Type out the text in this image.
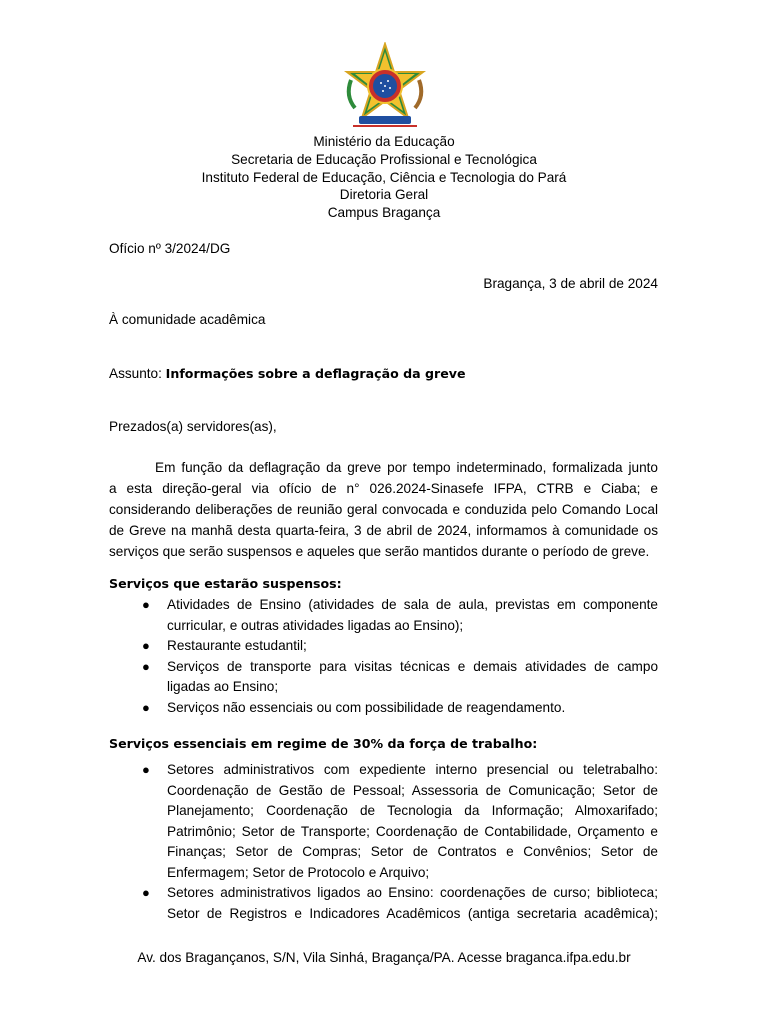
Ministério da Educação
Secretaria de Educação Profissional e Tecnológica
Instituto Federal de Educação, Ciência e Tecnologia do Pará
Diretoria Geral
Campus Bragança
Ofício nº 3/2024/DG
Bragança, 3 de abril de 2024
À comunidade acadêmica
Assunto: Informações sobre a deflagração da greve
Prezados(a) servidores(as),
Em função da deflagração da greve por tempo indeterminado, formalizada junto
a esta direção-geral via ofício de n° 026.2024-Sinasefe IFPA, CTRB e Ciaba; e
considerando deliberações de reunião geral convocada e conduzida pelo Comando Local
de Greve na manhã desta quarta-feira, 3 de abril de 2024, informamos à comunidade os
serviços que serão suspensos e aqueles que serão mantidos durante o período de greve.
Serviços que estarão suspensos:
● Atividades de Ensino (atividades de sala de aula, previstas em componente
curricular, e outras atividades ligadas ao Ensino);
● Restaurante estudantil;
● Serviços de transporte para visitas técnicas e demais atividades de campo
ligadas ao Ensino;
● Serviços não essenciais ou com possibilidade de reagendamento.
Serviços essenciais em regime de 30% da força de trabalho:
● Setores administrativos com expediente interno presencial ou teletrabalho:
Coordenação de Gestão de Pessoal; Assessoria de Comunicação; Setor de
Planejamento; Coordenação de Tecnologia da Informação; Almoxarifado;
Patrimônio; Setor de Transporte; Coordenação de Contabilidade, Orçamento e
Finanças; Setor de Compras; Setor de Contratos e Convênios; Setor de
Enfermagem; Setor de Protocolo e Arquivo;
● Setores administrativos ligados ao Ensino: coordenações de curso; biblioteca;
Setor de Registros e Indicadores Acadêmicos (antiga secretaria acadêmica);
Av. dos Bragançanos, S/N, Vila Sinhá, Bragança/PA. Acesse braganca.ifpa.edu.br
